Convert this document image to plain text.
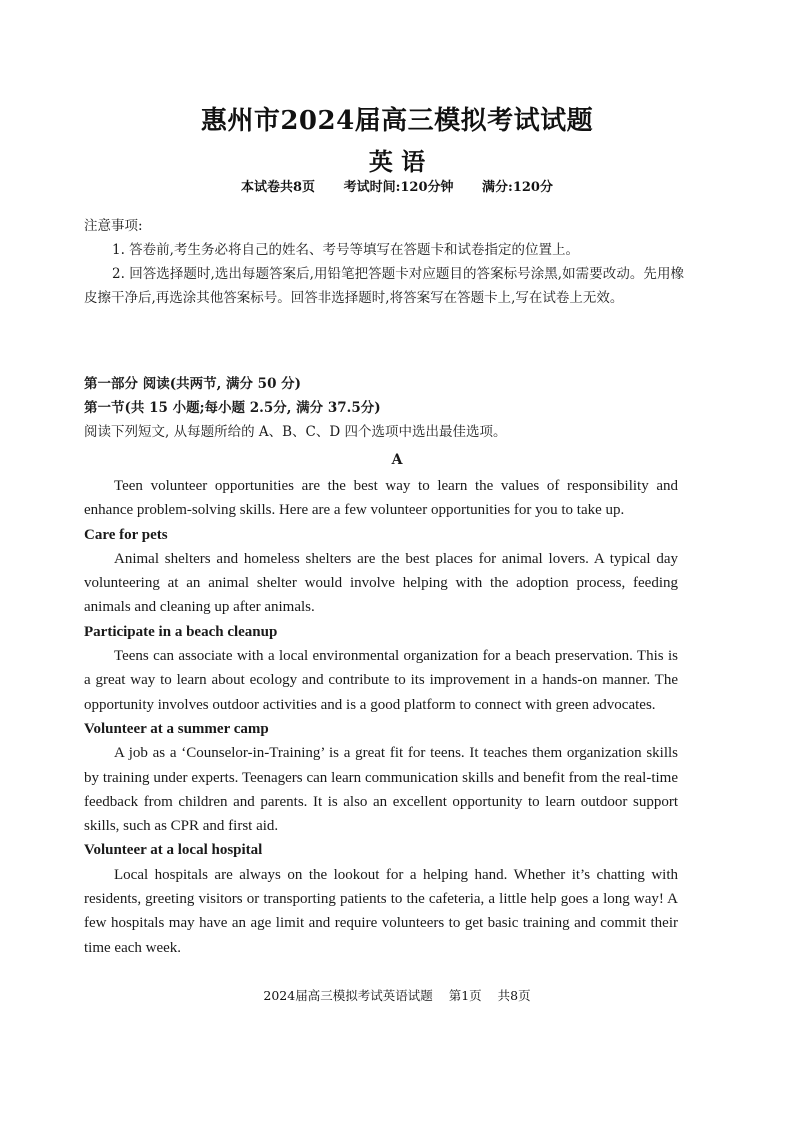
惠州市2024届高三模拟考试试题
英 语
本试卷共8页 考试时间:120分钟 满分:120分

注意事项:

1. 答卷前,考生务必将自己的姓名、考号等填写在答题卡和试卷指定的位置上。

2. 回答选择题时,选出每题答案后,用铅笔把答题卡对应题目的答案标号涂黑,如需要改动。先用橡皮擦干净后,再选涂其他答案标号。回答非选择题时,将答案写在答题卡上,写在试卷上无效。

第一部分 阅读(共两节, 满分 50 分)

第一节(共 15 小题;每小题 2.5分, 满分 37.5分)

阅读下列短文, 从每题所给的 A、B、C、D 四个选项中选出最佳选项。

A

Teen volunteer opportunities are the best way to learn the values of responsibility and enhance problem-solving skills. Here are a few volunteer opportunities for you to take up.

Care for pets

Animal shelters and homeless shelters are the best places for animal lovers. A typical day volunteering at an animal shelter would involve helping with the adoption process, feeding animals and cleaning up after animals.

Participate in a beach cleanup

Teens can associate with a local environmental organization for a beach preservation. This is a great way to learn about ecology and contribute to its improvement in a hands-on manner. The opportunity involves outdoor activities and is a good platform to connect with green advocates.

Volunteer at a summer camp

A job as a ‘Counselor-in-Training’ is a great fit for teens. It teaches them organization skills by training under experts. Teenagers can learn communication skills and benefit from the real-time feedback from children and parents. It is also an excellent opportunity to learn outdoor support skills, such as CPR and first aid.

Volunteer at a local hospital

Local hospitals are always on the lookout for a helping hand. Whether it’s chatting with residents, greeting visitors or transporting patients to the cafeteria, a little help goes a long way! A few hospitals may have an age limit and require volunteers to get basic training and commit their time each week.

2024届高三模拟考试英语试题 第1页 共8页
